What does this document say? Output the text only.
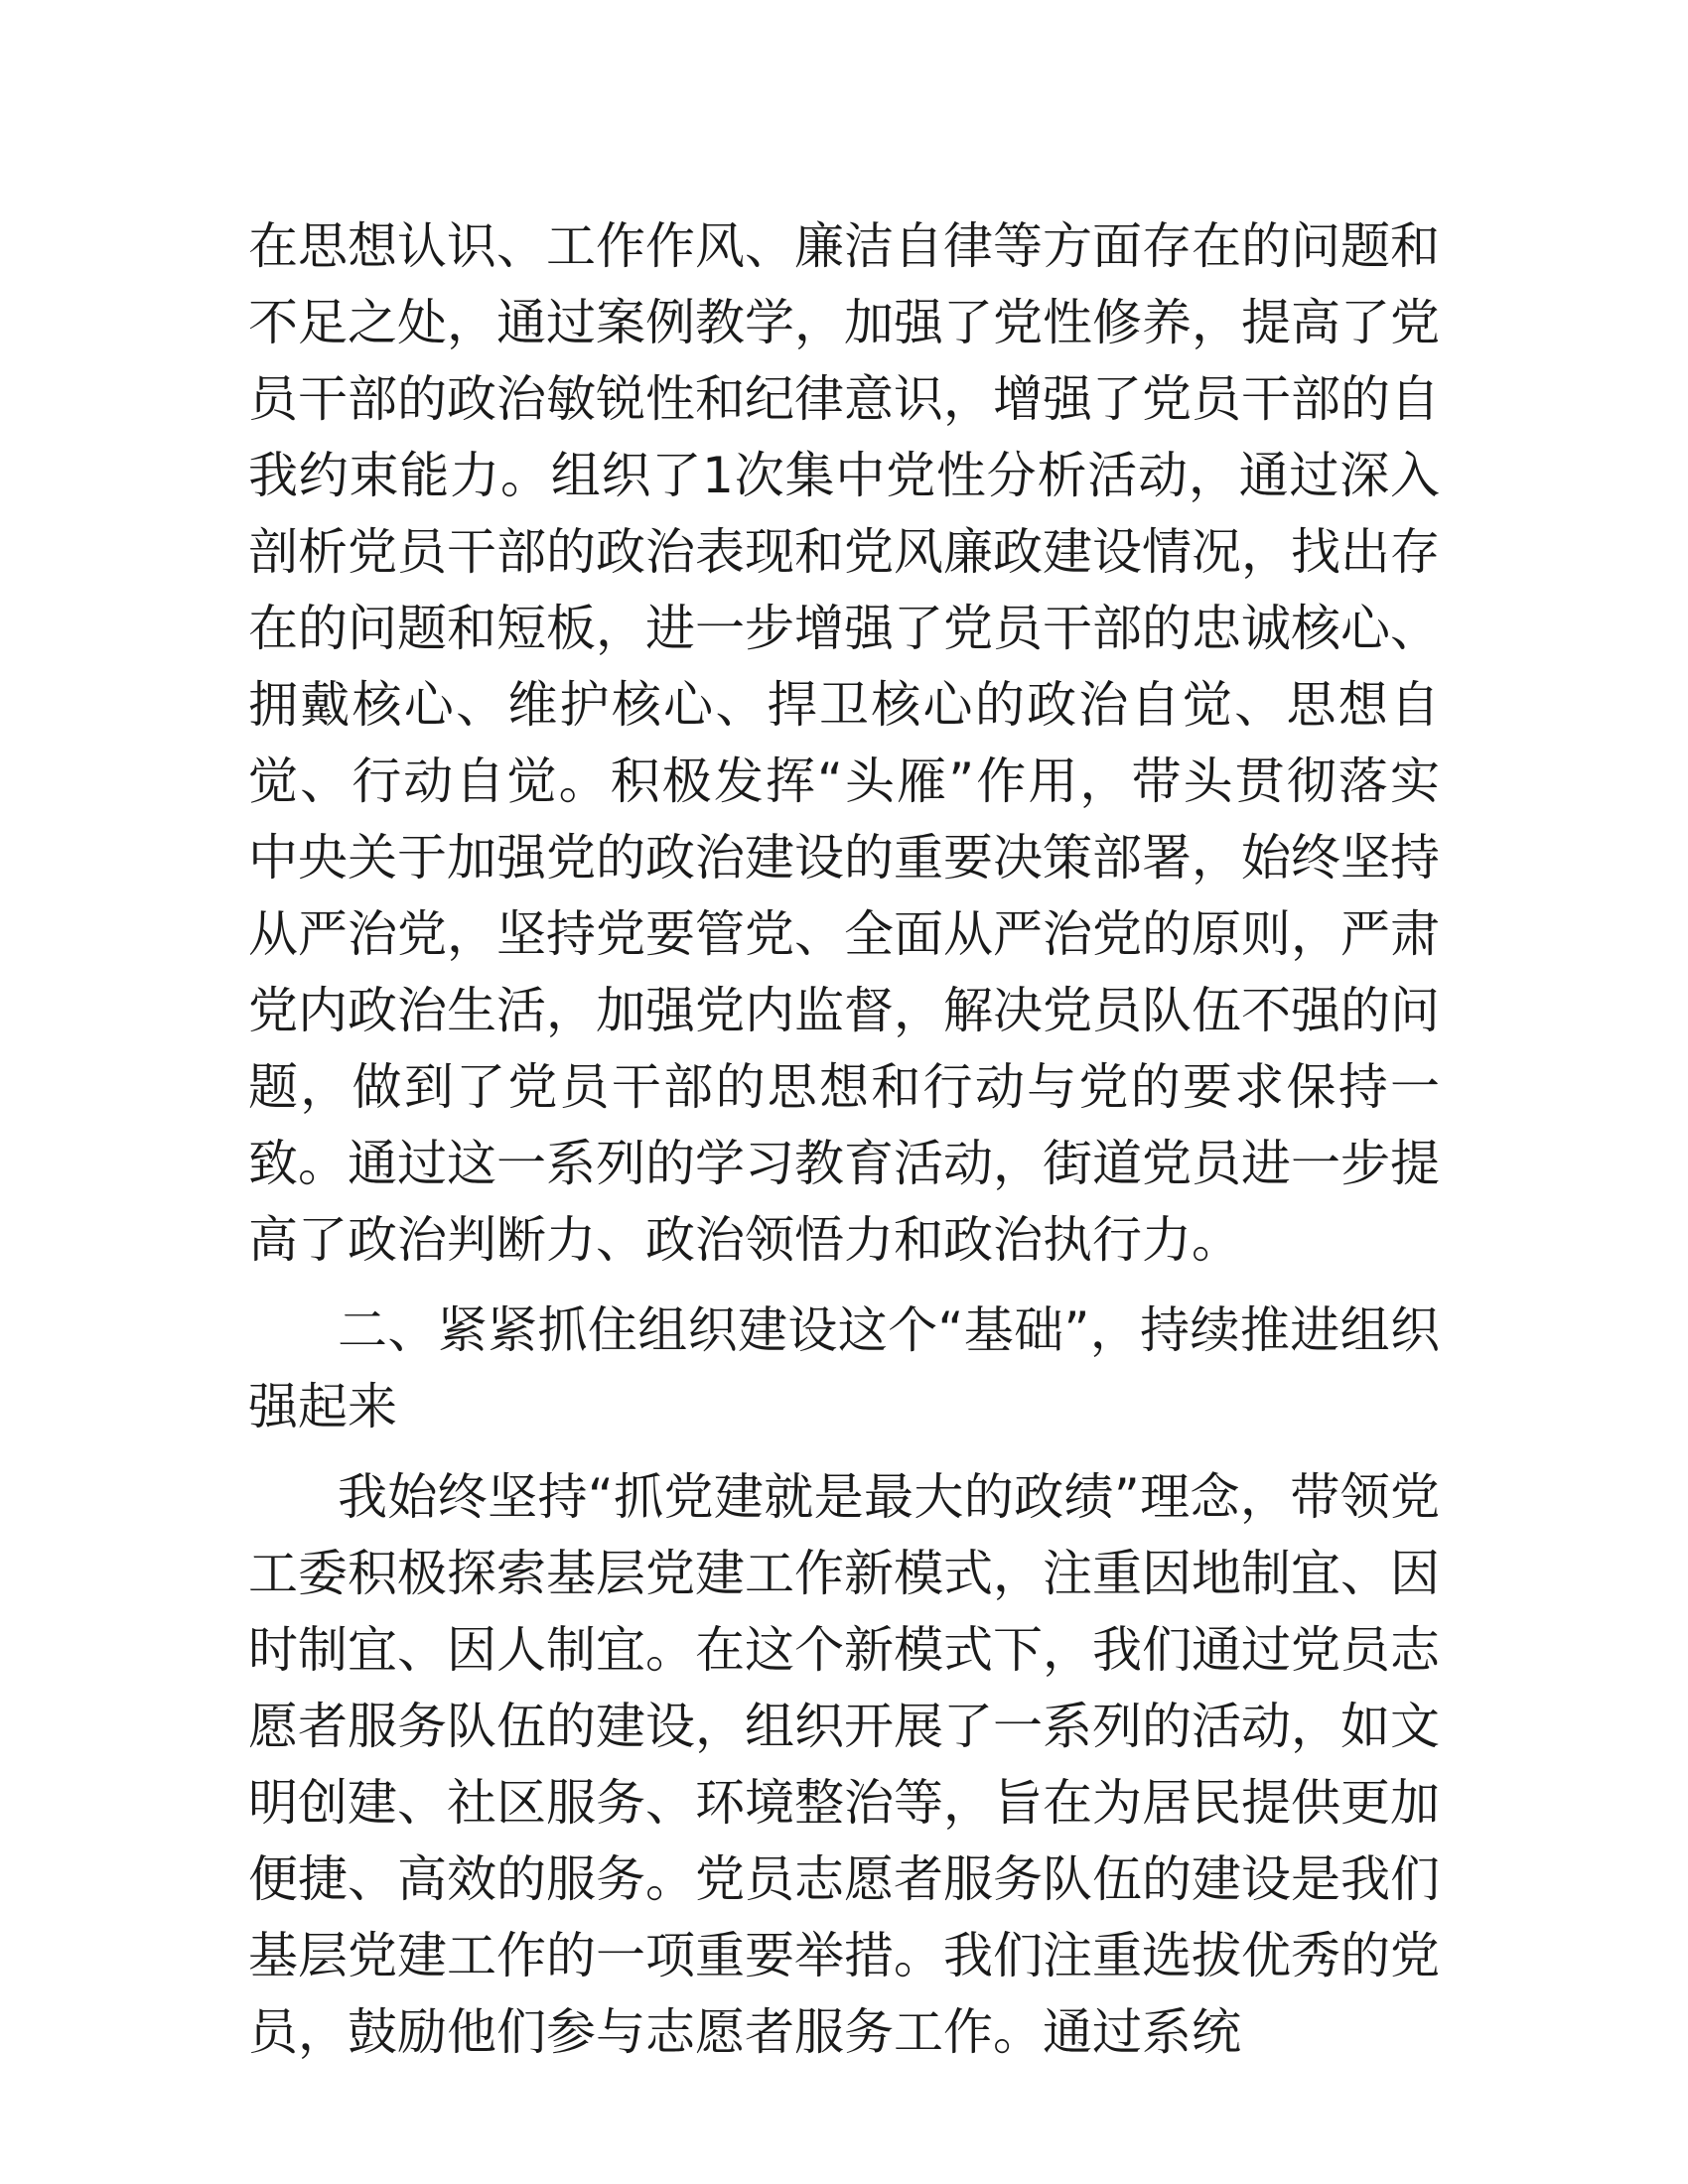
在思想认识、工作作风、廉洁自律等方面存在的问题和不足之处，通过案例教学，加强了党性修养，提高了党员干部的政治敏锐性和纪律意识，增强了党员干部的自我约束能力。组织了1次集中党性分析活动，通过深入剖析党员干部的政治表现和党风廉政建设情况，找出存在的问题和短板，进一步增强了党员干部的忠诚核心、拥戴核心、维护核心、捍卫核心的政治自觉、思想自觉、行动自觉。积极发挥“头雁”作用，带头贯彻落实中央关于加强党的政治建设的重要决策部署，始终坚持从严治党，坚持党要管党、全面从严治党的原则，严肃党内政治生活，加强党内监督，解决党员队伍不强的问题，做到了党员干部的思想和行动与党的要求保持一致。通过这一系列的学习教育活动，街道党员进一步提高了政治判断力、政治领悟力和政治执行力。

二、紧紧抓住组织建设这个“基础”，持续推进组织强起来

我始终坚持“抓党建就是最大的政绩”理念，带领党工委积极探索基层党建工作新模式，注重因地制宜、因时制宜、因人制宜。在这个新模式下，我们通过党员志愿者服务队伍的建设，组织开展了一系列的活动，如文明创建、社区服务、环境整治等，旨在为居民提供更加便捷、高效的服务。党员志愿者服务队伍的建设是我们基层党建工作的一项重要举措。我们注重选拔优秀的党员，鼓励他们参与志愿者服务工作。通过系统
